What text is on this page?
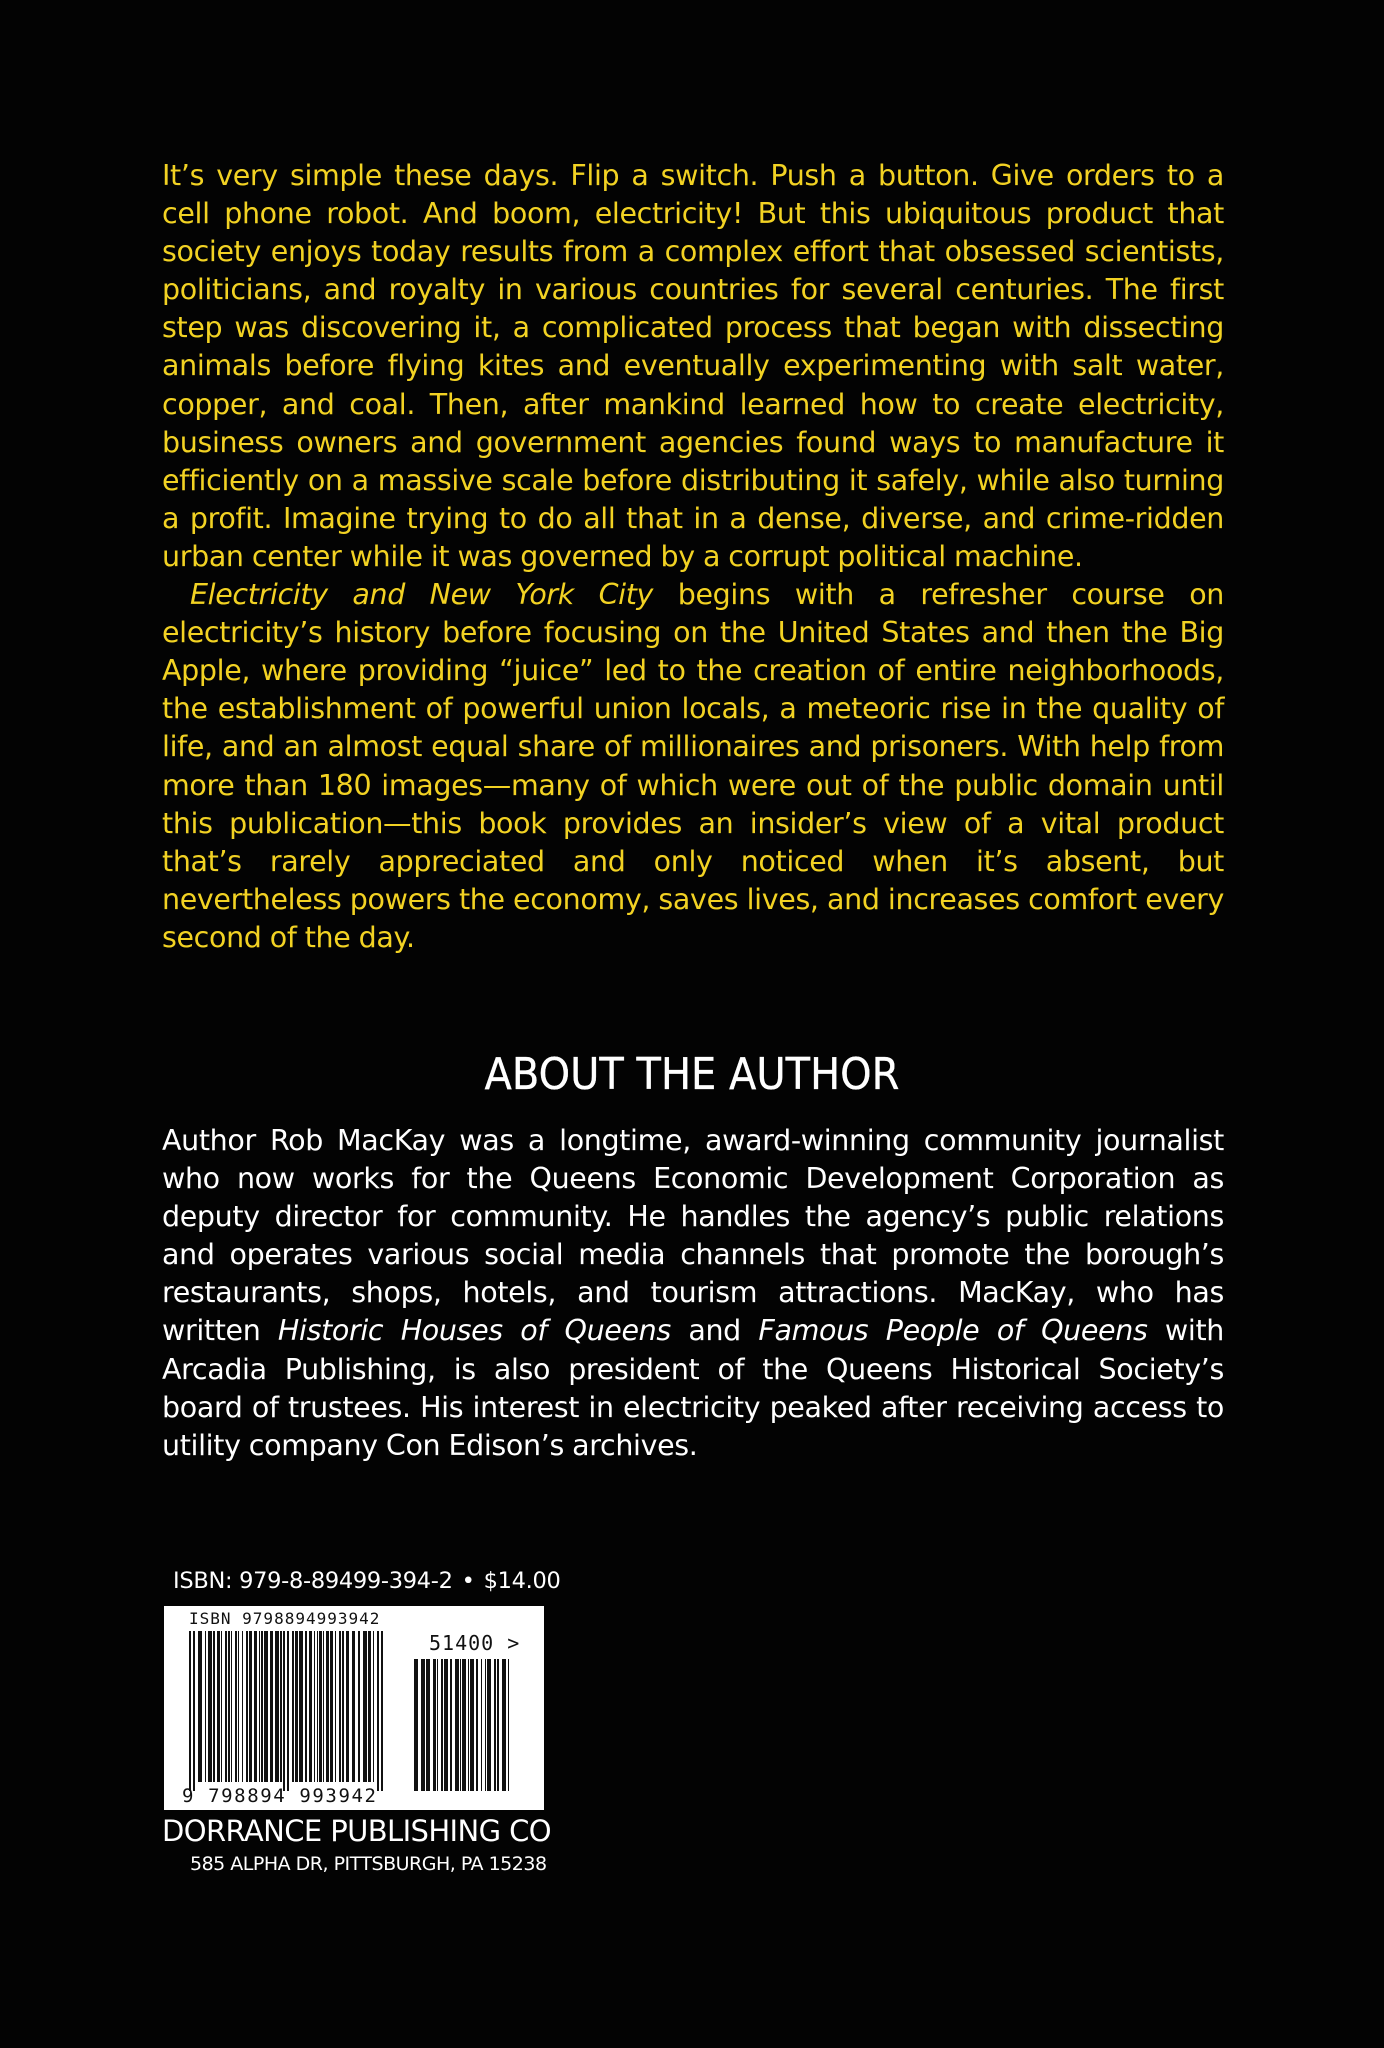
It’s very simple these days. Flip a switch. Push a button. Give orders to a cell phone robot. And boom, electricity! But this ubiquitous product that society enjoys today results from a complex effort that obsessed scientists, politicians, and royalty in various countries for several centuries. The first step was discovering it, a complicated process that began with dissecting animals before flying kites and eventually experimenting with salt water, copper, and coal. Then, after mankind learned how to create electricity, business owners and government agencies found ways to manufacture it efficiently on a massive scale before distributing it safely, while also turning a profit. Imagine trying to do all that in a dense, diverse, and crime-ridden urban center while it was governed by a corrupt political machine.

Electricity and New York City begins with a refresher course on electricity’s history before focusing on the United States and then the Big Apple, where providing “juice” led to the creation of entire neighborhoods, the establishment of powerful union locals, a meteoric rise in the quality of life, and an almost equal share of millionaires and prisoners. With help from more than 180 images—many of which were out of the public domain until this publication—this book provides an insider’s view of a vital product that’s rarely appreciated and only noticed when it’s absent, but nevertheless powers the economy, saves lives, and increases comfort every second of the day.

ABOUT THE AUTHOR

Author Rob MacKay was a longtime, award-winning community journalist who now works for the Queens Economic Development Corporation as deputy director for community. He handles the agency’s public relations and operates various social media channels that promote the borough’s restaurants, shops, hotels, and tourism attractions. MacKay, who has written Historic Houses of Queens and Famous People of Queens with Arcadia Publishing, is also president of the Queens Historical Society’s board of trustees. His interest in electricity peaked after receiving access to utility company Con Edison’s archives.

ISBN: 979-8-89499-394-2 • $14.00
ISBN 9798894993942
51400 >
9 798894 993942
DORRANCE PUBLISHING CO
585 ALPHA DR, PITTSBURGH, PA 15238
